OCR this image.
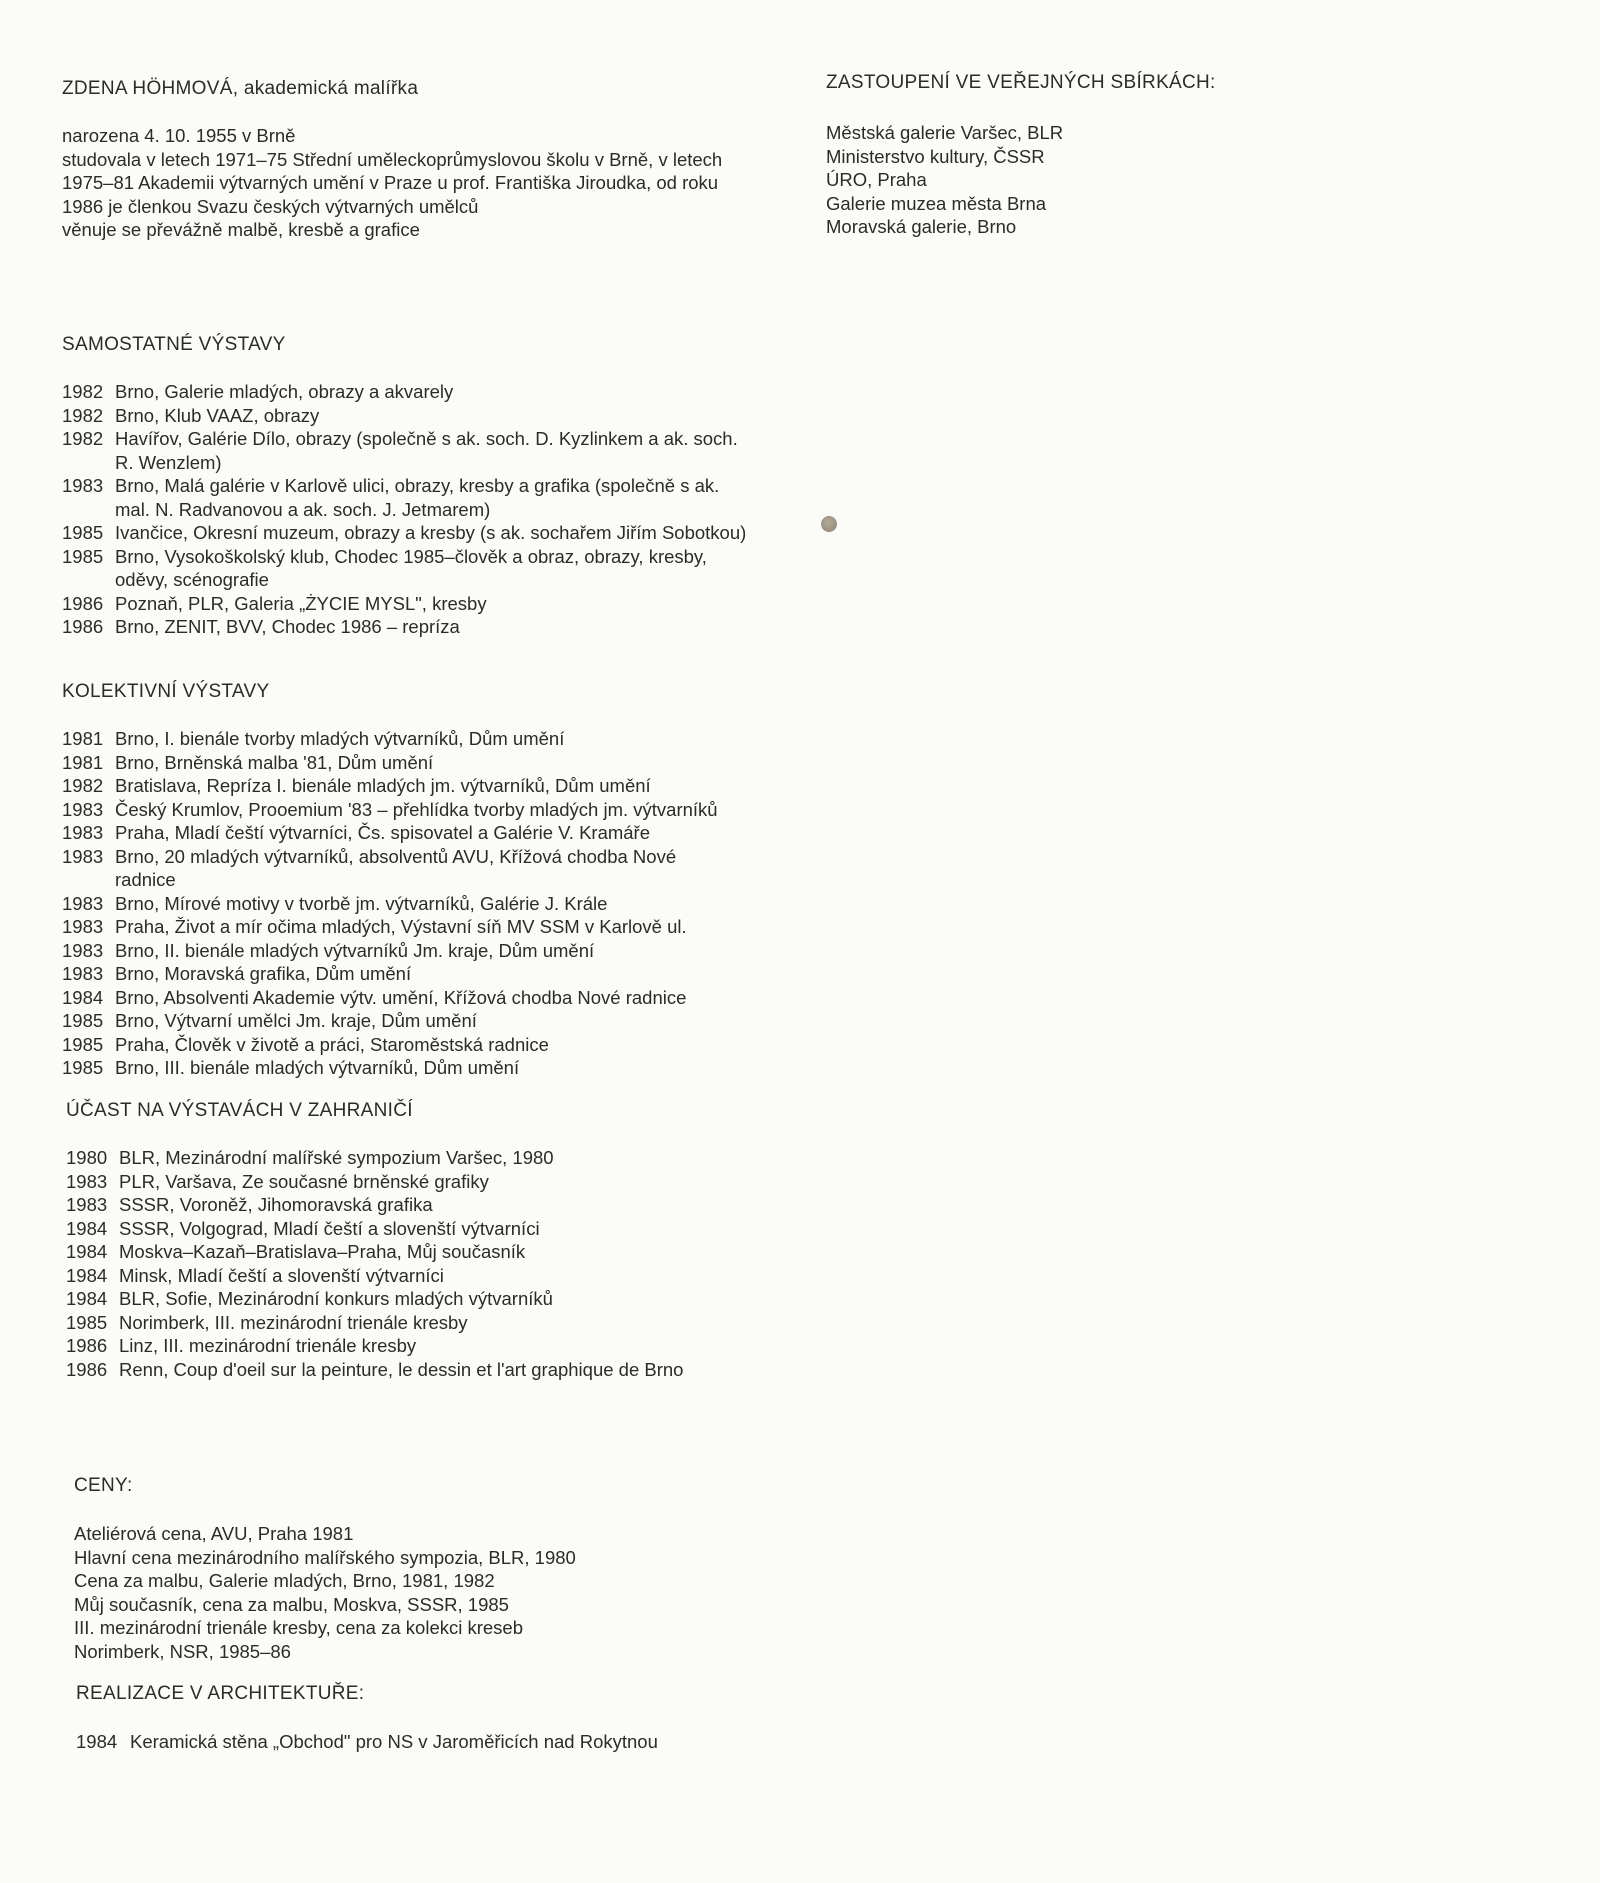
ZASTOUPENÍ VE VEŘEJNÝCH SBÍRKÁCH:

Městská galerie Varšec, BLR

Ministerstvo kultury, ČSSR

ÚRO, Praha

Galerie muzea města Brna

Moravská galerie, Brno

ZDENA HÖHMOVÁ, akademická malířka

narozena 4. 10. 1955 v Brně

studovala v letech 1971–75 Střední uměleckoprůmyslovou školu v Brně, v letech

1975–81 Akademii výtvarných umění v Praze u prof. Františka Jiroudka, od roku

1986 je členkou Svazu českých výtvarných umělců

věnuje se převážně malbě, kresbě a grafice

SAMOSTATNÉ VÝSTAVY

1982 Brno, Galerie mladých, obrazy a akvarely
1982 Brno, Klub VAAZ, obrazy
1982 Havířov, Galérie Dílo, obrazy (společně s ak. soch. D. Kyzlinkem a ak. soch. R. Wenzlem)
1983 Brno, Malá galérie v Karlově ulici, obrazy, kresby a grafika (společně s ak. mal. N. Radvanovou a ak. soch. J. Jetmarem)
1985 Ivančice, Okresní muzeum, obrazy a kresby (s ak. sochařem Jiřím Sobotkou)
1985 Brno, Vysokoškolský klub, Chodec 1985–člověk a obraz, obrazy, kresby, oděvy, scénografie
1986 Poznaň, PLR, Galeria „ŻYCIE MYSL", kresby
1986 Brno, ZENIT, BVV, Chodec 1986 – repríza

KOLEKTIVNÍ VÝSTAVY

1981 Brno, I. bienále tvorby mladých výtvarníků, Dům umění
1981 Brno, Brněnská malba '81, Dům umění
1982 Bratislava, Repríza I. bienále mladých jm. výtvarníků, Dům umění
1983 Český Krumlov, Prooemium '83 – přehlídka tvorby mladých jm. výtvarníků
1983 Praha, Mladí čeští výtvarníci, Čs. spisovatel a Galérie V. Kramáře
1983 Brno, 20 mladých výtvarníků, absolventů AVU, Křížová chodba Nové radnice
1983 Brno, Mírové motivy v tvorbě jm. výtvarníků, Galérie J. Krále
1983 Praha, Život a mír očima mladých, Výstavní síň MV SSM v Karlově ul.
1983 Brno, II. bienále mladých výtvarníků Jm. kraje, Dům umění
1983 Brno, Moravská grafika, Dům umění
1984 Brno, Absolventi Akademie výtv. umění, Křížová chodba Nové radnice
1985 Brno, Výtvarní umělci Jm. kraje, Dům umění
1985 Praha, Člověk v životě a práci, Staroměstská radnice
1985 Brno, III. bienále mladých výtvarníků, Dům umění

ÚČAST NA VÝSTAVÁCH V ZAHRANIČÍ

1980 BLR, Mezinárodní malířské sympozium Varšec, 1980
1983 PLR, Varšava, Ze současné brněnské grafiky
1983 SSSR, Voroněž, Jihomoravská grafika
1984 SSSR, Volgograd, Mladí čeští a slovenští výtvarníci
1984 Moskva–Kazaň–Bratislava–Praha, Můj současník
1984 Minsk, Mladí čeští a slovenští výtvarníci
1984 BLR, Sofie, Mezinárodní konkurs mladých výtvarníků
1985 Norimberk, III. mezinárodní trienále kresby
1986 Linz, III. mezinárodní trienále kresby
1986 Renn, Coup d'oeil sur la peinture, le dessin et l'art graphique de Brno

CENY:

Ateliérová cena, AVU, Praha 1981

Hlavní cena mezinárodního malířského sympozia, BLR, 1980

Cena za malbu, Galerie mladých, Brno, 1981, 1982

Můj současník, cena za malbu, Moskva, SSSR, 1985

III. mezinárodní trienále kresby, cena za kolekci kreseb

Norimberk, NSR, 1985–86

REALIZACE V ARCHITEKTUŘE:

1984 Keramická stěna „Obchod" pro NS v Jaroměřicích nad Rokytnou
